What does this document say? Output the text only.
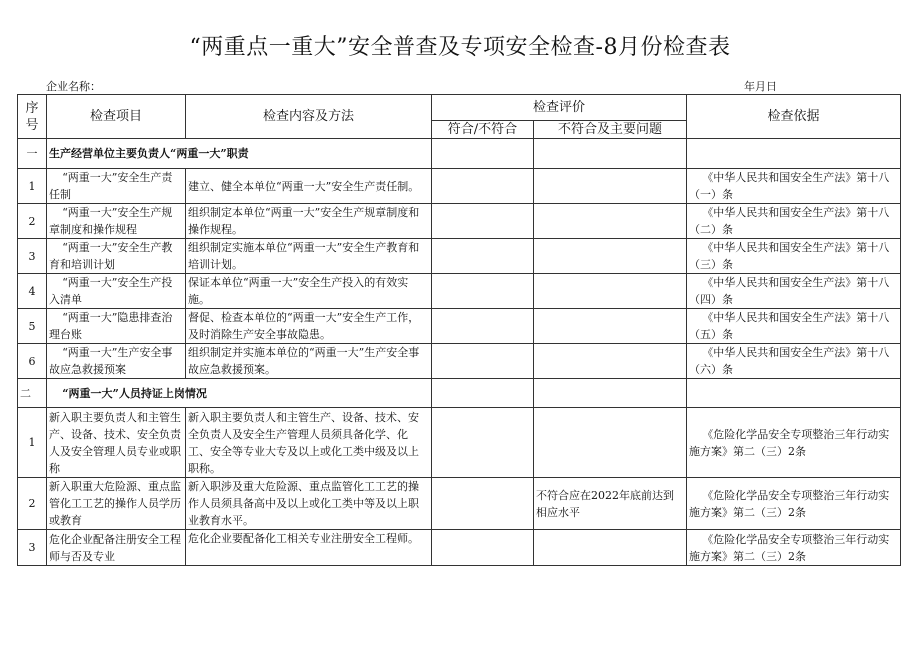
“两重点一重大”安全普查及专项安全检查-8月份检查表
企业名称：	年月日
序号	检查项目	检查内容及方法	检查评价		检查依据
			符合/不符合	不符合及主要问题	
一	生产经营单位主要负责人“两重一大”职责				
1	“两重一大”安全生产责任制	建立、健全本单位“两重一大”安全生产责任制。			《中华人民共和国安全生产法》第十八（一）条
2	“两重一大”安全生产规章制度和操作规程	组织制定本单位“两重一大”安全生产规章制度和操作规程。			《中华人民共和国安全生产法》第十八（二）条
3	“两重一大”安全生产教育和培训计划	组织制定实施本单位“两重一大”安全生产教育和培训计划。			《中华人民共和国安全生产法》第十八（三）条
4	“两重一大”安全生产投入清单	保证本单位“两重一大”安全生产投入的有效实施。			《中华人民共和国安全生产法》第十八（四）条
5	“两重一大”隐患排查治理台账	督促、检查本单位的“两重一大”安全生产工作，及时消除生产安全事故隐患。			《中华人民共和国安全生产法》第十八（五）条
6	“两重一大”生产安全事故应急救援预案	组织制定并实施本单位的“两重一大”生产安全事故应急救援预案。			《中华人民共和国安全生产法》第十八（六）条
二	“两重一大”人员持证上岗情况				
1	新入职主要负责人和主管生产、设备、技术、安全负责人及安全管理人员专业或职称	新入职主要负责人和主管生产、设备、技术、安全负责人及安全生产管理人员须具备化学、化工、安全等专业大专及以上或化工类中级及以上职称。			《危险化学品安全专项整治三年行动实施方案》第二（三）2条
2	新入职重大危险源、重点监管化工工艺的操作人员学历或教育	新入职涉及重大危险源、重点监管化工工艺的操作人员须具备高中及以上或化工类中等及以上职业教育水平。		不符合应在2022年底前达到相应水平	《危险化学品安全专项整治三年行动实施方案》第二（三）2条
3	危化企业配备注册安全工程师与否及专业	危化企业要配备化工相关专业注册安全工程师。			《危险化学品安全专项整治三年行动实施方案》第二（三）2条
